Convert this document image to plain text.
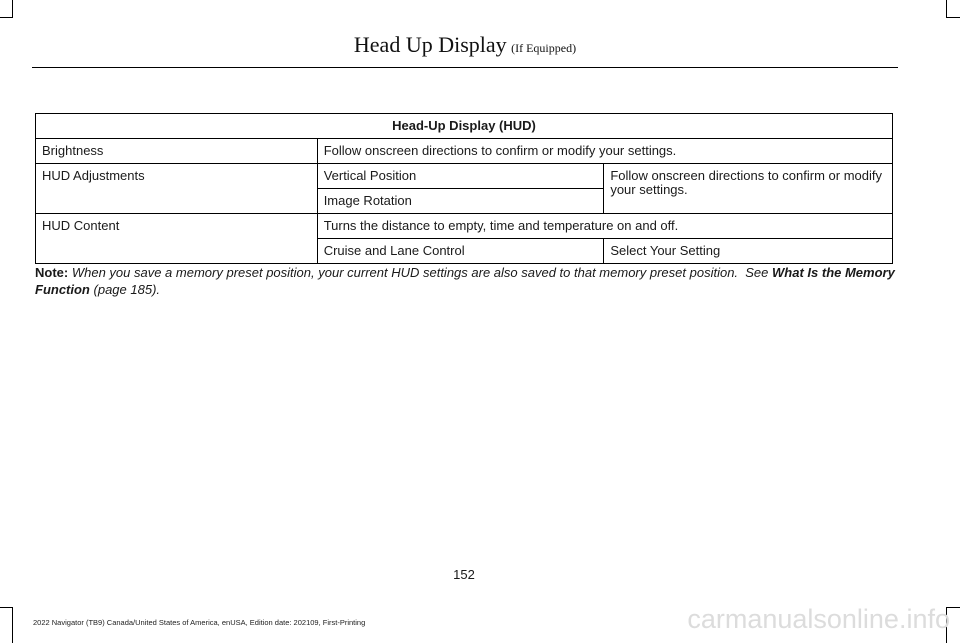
Head Up Display (If Equipped)
Head-Up Display (HUD)		
Brightness	Follow onscreen directions to confirm or modify your settings.	
HUD Adjustments	Vertical Position	Follow onscreen directions to confirm or modify your settings.
	Image Rotation	
HUD Content	Turns the distance to empty, time and temperature on and off.	
	Cruise and Lane Control	Select Your Setting
Note: When you save a memory preset position, your current HUD settings are also saved to that memory preset position. See What Is the Memory Function (page 185).
152
2022 Navigator (TB9) Canada/United States of America, enUSA, Edition date: 202109, First-Printing	carmanualsonline.info
